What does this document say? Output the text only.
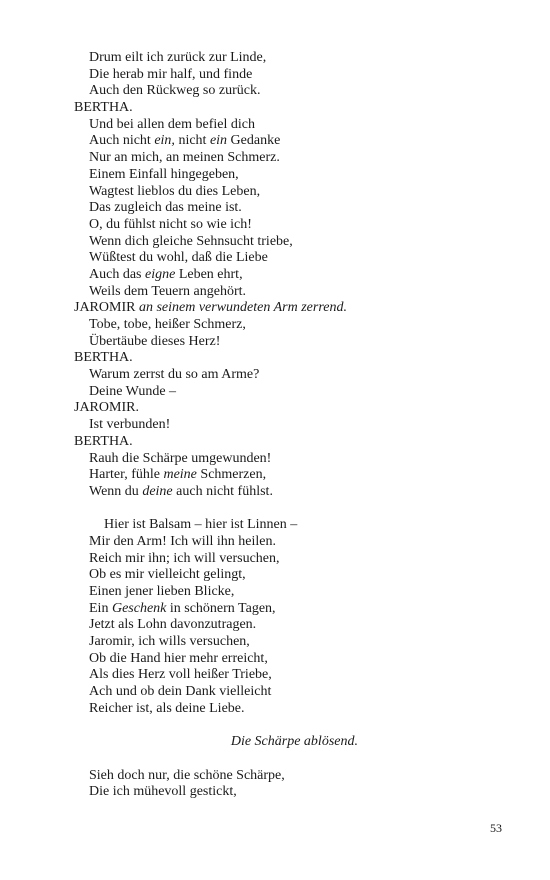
Drum eilt ich zurück zur Linde,
Die herab mir half, und finde
Auch den Rückweg so zurück.
BERTHA.
Und bei allen dem befiel dich
Auch nicht ein, nicht ein Gedanke
Nur an mich, an meinen Schmerz.
Einem Einfall hingegeben,
Wagtest lieblos du dies Leben,
Das zugleich das meine ist.
O, du fühlst nicht so wie ich!
Wenn dich gleiche Sehnsucht triebe,
Wüßtest du wohl, daß die Liebe
Auch das eigne Leben ehrt,
Weils dem Teuern angehört.
JAROMIR an seinem verwundeten Arm zerrend.
Tobe, tobe, heißer Schmerz,
Übertäube dieses Herz!
BERTHA.
Warum zerrst du so am Arme?
Deine Wunde –
JAROMIR.
Ist verbunden!
BERTHA.
Rauh die Schärpe umgewunden!
Harter, fühle meine Schmerzen,
Wenn du deine auch nicht fühlst.
Hier ist Balsam – hier ist Linnen –
Mir den Arm! Ich will ihn heilen.
Reich mir ihn; ich will versuchen,
Ob es mir vielleicht gelingt,
Einen jener lieben Blicke,
Ein Geschenk in schönern Tagen,
Jetzt als Lohn davonzutragen.
Jaromir, ich wills versuchen,
Ob die Hand hier mehr erreicht,
Als dies Herz voll heißer Triebe,
Ach und ob dein Dank vielleicht
Reicher ist, als deine Liebe.
Die Schärpe ablösend.
Sieh doch nur, die schöne Schärpe,
Die ich mühevoll gestickt,
53
